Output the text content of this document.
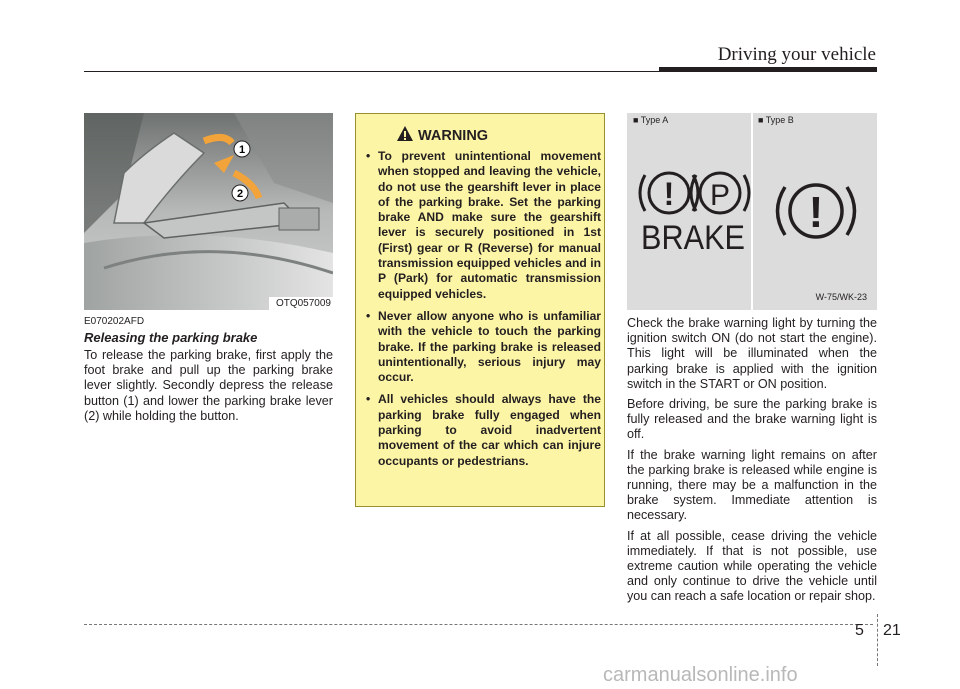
Driving your vehicle
1
2
OTQ057009
E070202AFD
Releasing the parking brake
To release the parking brake, first apply the foot brake and pull up the parking brake lever slightly. Secondly depress the release button (1) and lower the parking brake lever (2) while holding the button.
WARNING
• To prevent unintentional movement when stopped and leaving the vehicle, do not use the gearshift lever in place of the parking brake. Set the parking brake AND make sure the gearshift lever is securely positioned in 1st (First) gear or R (Reverse) for manual transmission equipped vehicles and in P (Park) for automatic transmission equipped vehicles.
• Never allow anyone who is unfamiliar with the vehicle to touch the parking brake. If the parking brake is released unintentionally, serious injury may occur.
• All vehicles should always have the parking brake fully engaged when parking to avoid inadvertent movement of the car which can injure occupants or pedestrians.
■ Type A	■ Type B
! P
BRAKE
!
W-75/WK-23

Check the brake warning light by turning the ignition switch ON (do not start the engine). This light will be illuminated when the parking brake is applied with the ignition switch in the START or ON position.

Before driving, be sure the parking brake is fully released and the brake warning light is off.

If the brake warning light remains on after the parking brake is released while engine is running, there may be a malfunction in the brake system. Immediate attention is necessary.

If at all possible, cease driving the vehicle immediately. If that is not possible, use extreme caution while operating the vehicle and only continue to drive the vehicle until you can reach a safe location or repair shop.

5 21
carmanualsonline.info
